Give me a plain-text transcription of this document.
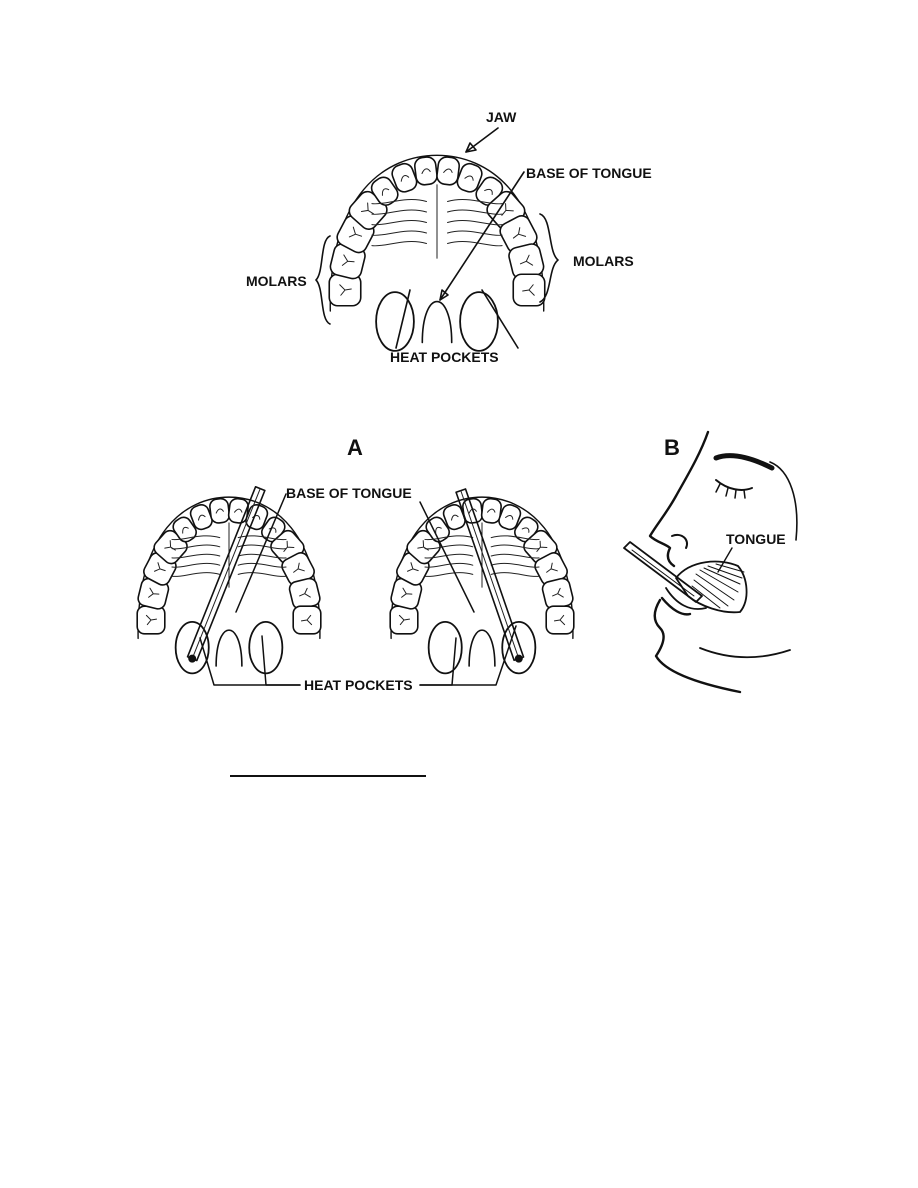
JAW
BASE OF TONGUE
MOLARS
MOLARS
HEAT POCKETS
A
BASE OF TONGUE
HEAT POCKETS
B
TONGUE
